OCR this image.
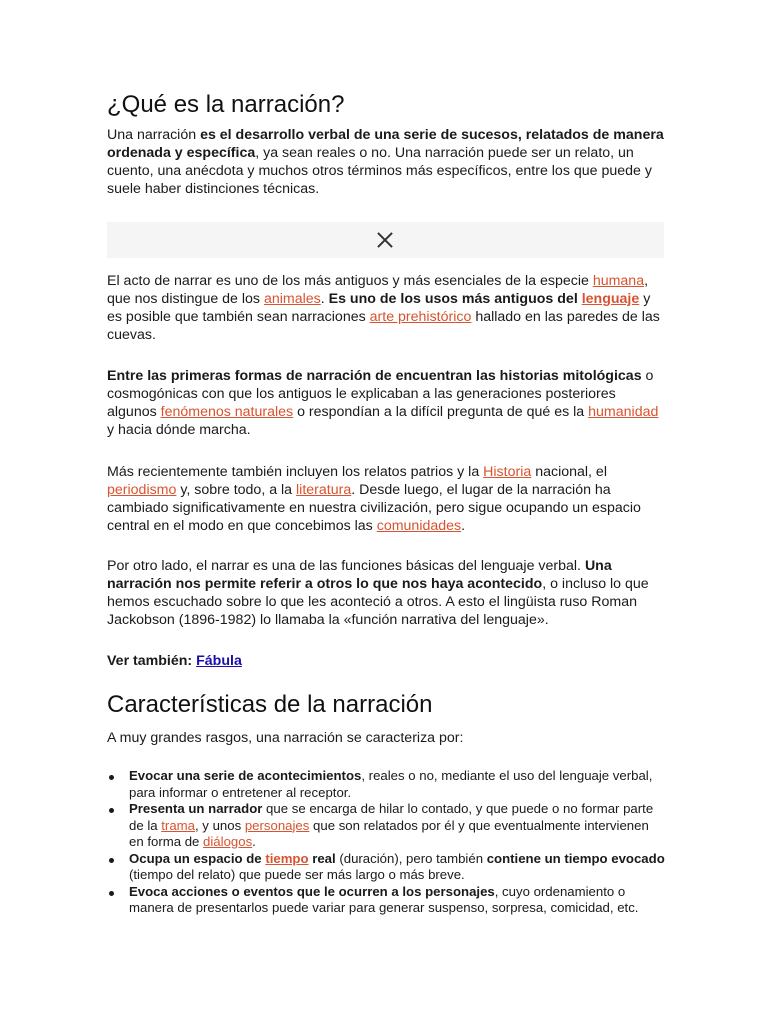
¿Qué es la narración?

Una narración es el desarrollo verbal de una serie de sucesos, relatados de manera ordenada y específica, ya sean reales o no. Una narración puede ser un relato, un cuento, una anécdota y muchos otros términos más específicos, entre los que puede y suele haber distinciones técnicas.

El acto de narrar es uno de los más antiguos y más esenciales de la especie humana, que nos distingue de los animales. Es uno de los usos más antiguos del lenguaje y es posible que también sean narraciones arte prehistórico hallado en las paredes de las cuevas.

Entre las primeras formas de narración de encuentran las historias mitológicas o cosmogónicas con que los antiguos le explicaban a las generaciones posteriores algunos fenómenos naturales o respondían a la difícil pregunta de qué es la humanidad y hacia dónde marcha.

Más recientemente también incluyen los relatos patrios y la Historia nacional, el periodismo y, sobre todo, a la literatura. Desde luego, el lugar de la narración ha cambiado significativamente en nuestra civilización, pero sigue ocupando un espacio central en el modo en que concebimos las comunidades.

Por otro lado, el narrar es una de las funciones básicas del lenguaje verbal. Una narración nos permite referir a otros lo que nos haya acontecido, o incluso lo que hemos escuchado sobre lo que les aconteció a otros. A esto el lingüista ruso Roman Jackobson (1896-1982) lo llamaba la «función narrativa del lenguaje».

Ver también: Fábula

Características de la narración

A muy grandes rasgos, una narración se caracteriza por:

Evocar una serie de acontecimientos, reales o no, mediante el uso del lenguaje verbal, para informar o entretener al receptor.
Presenta un narrador que se encarga de hilar lo contado, y que puede o no formar parte de la trama, y unos personajes que son relatados por él y que eventualmente intervienen en forma de diálogos.
Ocupa un espacio de tiempo real (duración), pero también contiene un tiempo evocado (tiempo del relato) que puede ser más largo o más breve.
Evoca acciones o eventos que le ocurren a los personajes, cuyo ordenamiento o manera de presentarlos puede variar para generar suspenso, sorpresa, comicidad, etc.
